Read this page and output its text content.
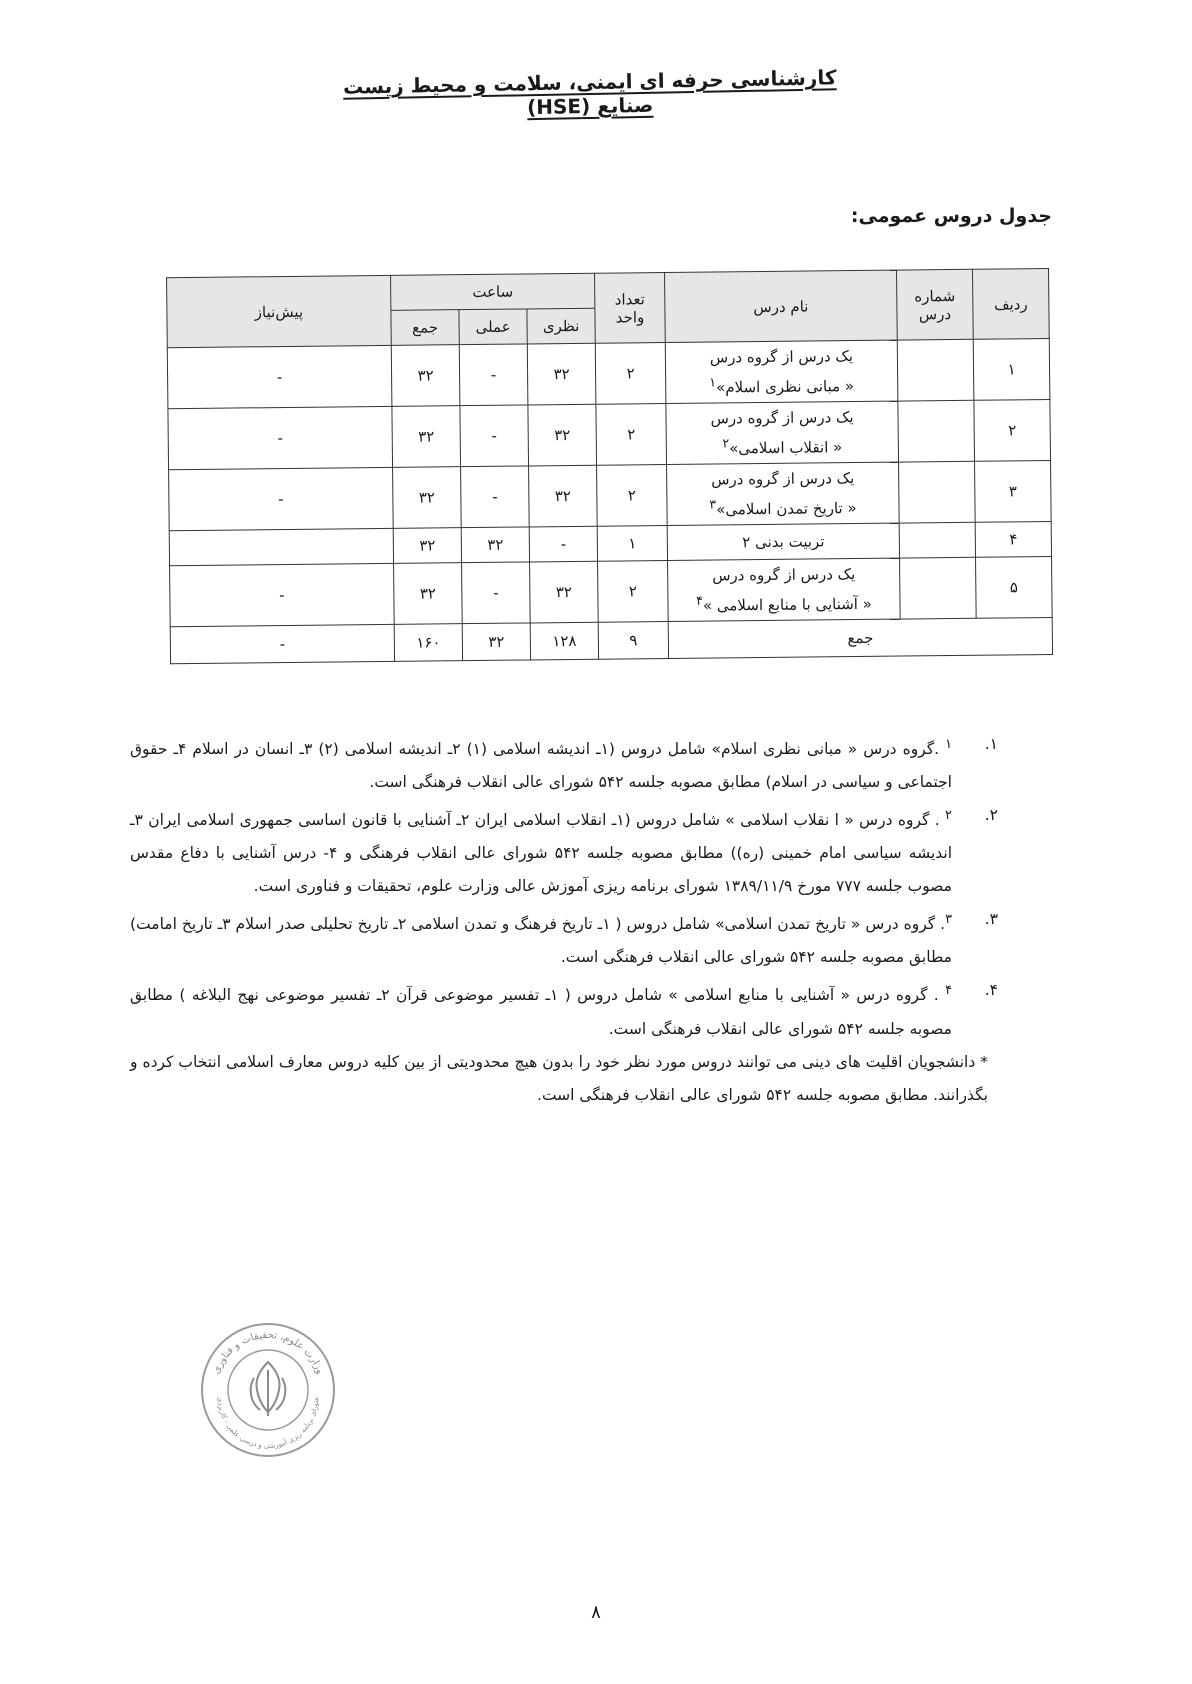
کارشناسی حرفه ای ایمنی، سلامت و محیط زیست صنایع (HSE)
جدول دروس عمومی:
ردیف	شماره درس	نام درس	تعداد واحد	ساعت			پیش‌نیاز
				نظری	عملی	جمع	
۱		یک درس از گروه درس
« مبانی نظری اسلام»$^۱$	۲	۳۲	-	۳۲	-
۲		یک درس از گروه درس
« انقلاب اسلامی»$^۲$	۲	۳۲	-	۳۲	-
۳		یک درس از گروه درس
« تاریخ تمدن اسلامی»$^۳$	۲	۳۲	-	۳۲	-
۴		تربیت بدنی ۲	۱	-	۳۲	۳۲	
۵		یک درس از گروه درس
« آشنایی با منابع اسلامی »$^۴$	۲	۳۲	-	۳۲	-
جمع			۹	۱۲۸	۳۲	۱۶۰	-
۱.
$^۱$ .گروه درس « مبانی نظری اسلام» شامل دروس (۱ـ اندیشه اسلامی (۱) ۲ـ اندیشه اسلامی (۲) ۳ـ انسان در اسلام ۴ـ حقوق اجتماعی و سیاسی در اسلام) مطابق مصوبه جلسه ۵۴۲ شورای عالی انقلاب فرهنگی است.
۲.
$^۲$ . گروه درس « ا نقلاب اسلامی » شامل دروس (۱ـ انقلاب اسلامی ایران ۲ـ آشنایی با قانون اساسی جمهوری اسلامی ایران ۳ـ اندیشه سیاسی امام خمینی (ره)) مطابق مصوبه جلسه ۵۴۲ شورای عالی انقلاب فرهنگی و ۴- درس آشنایی با دفاع مقدس مصوب جلسه ۷۷۷ مورخ ۱۳۸۹/۱۱/۹ شورای برنامه ریزی آموزش عالی وزارت علوم، تحقیقات و فناوری است.
۳.
$^۳$. گروه درس « تاریخ تمدن اسلامی» شامل دروس ( ۱ـ تاریخ فرهنگ و تمدن اسلامی ۲ـ تاریخ تحلیلی صدر اسلام ۳ـ تاریخ امامت) مطابق مصوبه جلسه ۵۴۲ شورای عالی انقلاب فرهنگی است.
۴.
$^۴$ . گروه درس « آشنایی با منابع اسلامی » شامل دروس ( ۱ـ تفسیر موضوعی قرآن ۲ـ تفسیر موضوعی نهج البلاغه ) مطابق مصوبه جلسه ۵۴۲ شورای عالی انقلاب فرهنگی است.
* دانشجویان اقلیت های دینی می توانند دروس مورد نظر خود را بدون هیچ محدودیتی از بین کلیه دروس معارف اسلامی انتخاب کرده و بگذرانند. مطابق مصوبه جلسه ۵۴۲ شورای عالی انقلاب فرهنگی است.
وزارت علوم، تحقیقات و فناوری
شورای برنامه ریزی آموزشی و درسی علمی - کاربردی
۸
